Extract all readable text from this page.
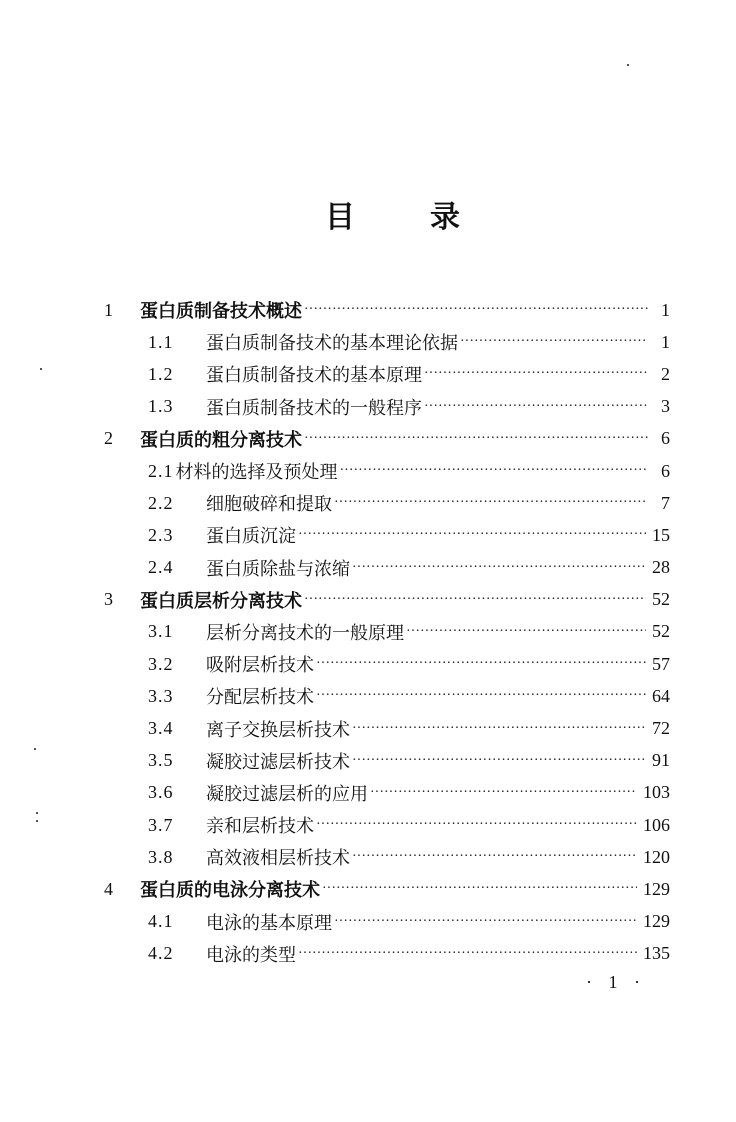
目	录
1	蛋白质制备技术概述 ·····	1
1.1	蛋白质制备技术的基本理论依据 ·····	1
1.2	蛋白质制备技术的基本原理 ·····	2
1.3	蛋白质制备技术的一般程序 ·····	3
2	蛋白质的粗分离技术 ·····	6
2.1 材料的选择及预处理 ·····	6
2.2	细胞破碎和提取 ·····	7
2.3	蛋白质沉淀 ·····	15
2.4	蛋白质除盐与浓缩 ·····	28
3	蛋白质层析分离技术 ·····	52
3.1	层析分离技术的一般原理 ·····	52
3.2	吸附层析技术 ·····	57
3.3	分配层析技术 ·····	64
3.4	离子交换层析技术 ·····	72
3.5	凝胶过滤层析技术 ·····	91
3.6	凝胶过滤层析的应用 ·····	103
3.7	亲和层析技术 ·····	106
3.8	高效液相层析技术 ·····	120
4	蛋白质的电泳分离技术 ·····	129
4.1	电泳的基本原理 ·····	129
4.2	电泳的类型 ·····	135
· 1 ·
